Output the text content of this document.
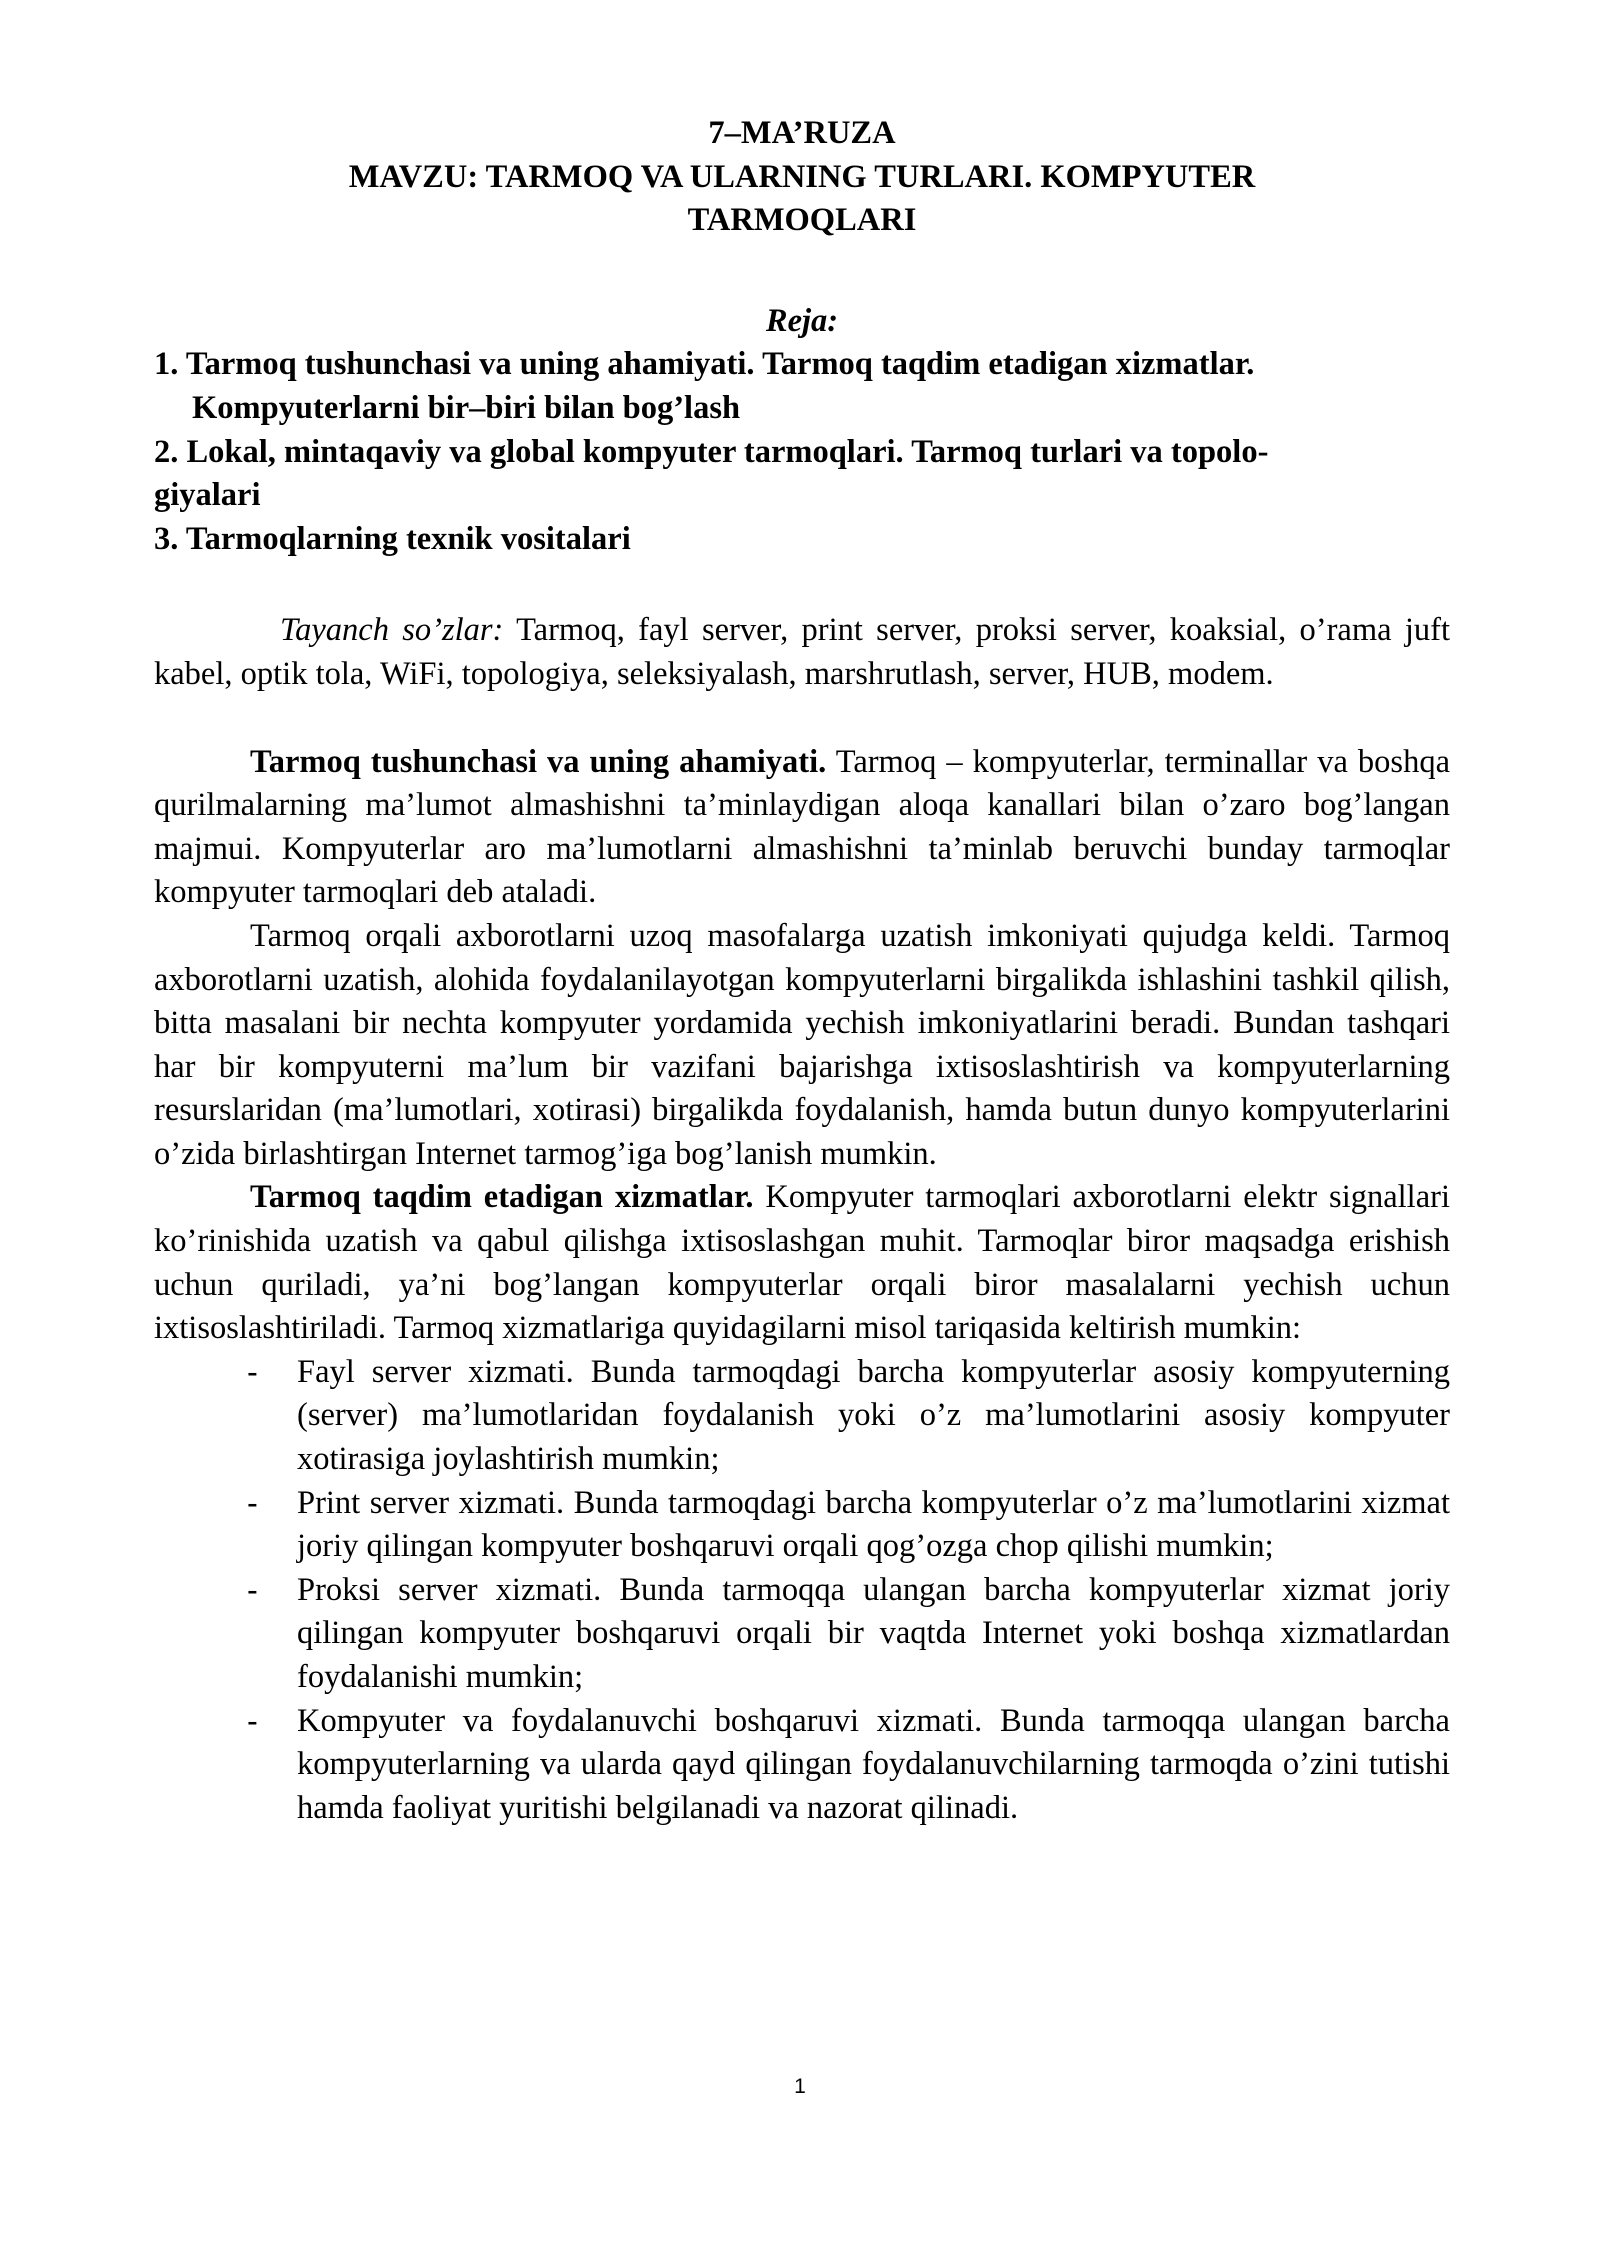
7–MA’RUZA
MAVZU: TARMOQ VA ULARNING TURLARI. KOMPYUTER
TARMOQLARI
Reja:
1. Tarmoq tushunchasi va uning ahamiyati. Tarmoq taqdim etadigan xizmatlar.
Kompyuterlarni bir–biri bilan bog’lash
2. Lokal, mintaqaviy va global kompyuter tarmoqlari. Tarmoq turlari va topolo-
giyalari
3. Tarmoqlarning texnik vositalari
Tayanch so’zlar: Tarmoq, fayl server, print server, proksi server, koaksial, o’rama juft kabel, optik tola, WiFi, topologiya, seleksiyalash, marshrutlash, server, HUB, modem.

Tarmoq tushunchasi va uning ahamiyati. Tarmoq – kompyuterlar, terminallar va boshqa qurilmalarning ma’lumot almashishni ta’minlaydigan aloqa kanallari bilan o’zaro bog’langan majmui. Kompyuterlar aro ma’lumotlarni almashishni ta’minlab beruvchi bunday tarmoqlar kompyuter tarmoqlari deb ataladi.

Tarmoq orqali axborotlarni uzoq masofalarga uzatish imkoniyati qujudga keldi. Tarmoq axborotlarni uzatish, alohida foydalanilayotgan kompyuterlarni birgalikda ishlashini tashkil qilish, bitta masalani bir nechta kompyuter yordamida yechish imkoniyatlarini beradi. Bundan tashqari har bir kompyuterni ma’lum bir vazifani bajarishga ixtisoslashtirish va kompyuterlarning resurslaridan (ma’lumotlari, xotirasi) birgalikda foydalanish, hamda butun dunyo kompyuterlarini o’zida birlashtirgan Internet tarmog’iga bog’lanish mumkin.

Tarmoq taqdim etadigan xizmatlar. Kompyuter tarmoqlari axborotlarni elektr signallari ko’rinishida uzatish va qabul qilishga ixtisoslashgan muhit. Tarmoqlar biror maqsadga erishish uchun quriladi, ya’ni bog’langan kompyuterlar orqali biror masalalarni yechish uchun ixtisoslashtiriladi. Tarmoq xizmatlariga quyidagilarni misol tariqasida keltirish mumkin:

- Fayl server xizmati. Bunda tarmoqdagi barcha kompyuterlar asosiy kompyuterning (server) ma’lumotlaridan foydalanish yoki o’z ma’lumotlarini asosiy kompyuter xotirasiga joylashtirish mumkin;
- Print server xizmati. Bunda tarmoqdagi barcha kompyuterlar o’z ma’lumotlarini xizmat joriy qilingan kompyuter boshqaruvi orqali qog’ozga chop qilishi mumkin;
- Proksi server xizmati. Bunda tarmoqqa ulangan barcha kompyuterlar xizmat joriy qilingan kompyuter boshqaruvi orqali bir vaqtda Internet yoki boshqa xizmatlardan foydalanishi mumkin;
- Kompyuter va foydalanuvchi boshqaruvi xizmati. Bunda tarmoqqa ulangan barcha kompyuterlarning va ularda qayd qilingan foydalanuvchilarning tarmoqda o’zini tutishi hamda faoliyat yuritishi belgilanadi va nazorat qilinadi.
1
